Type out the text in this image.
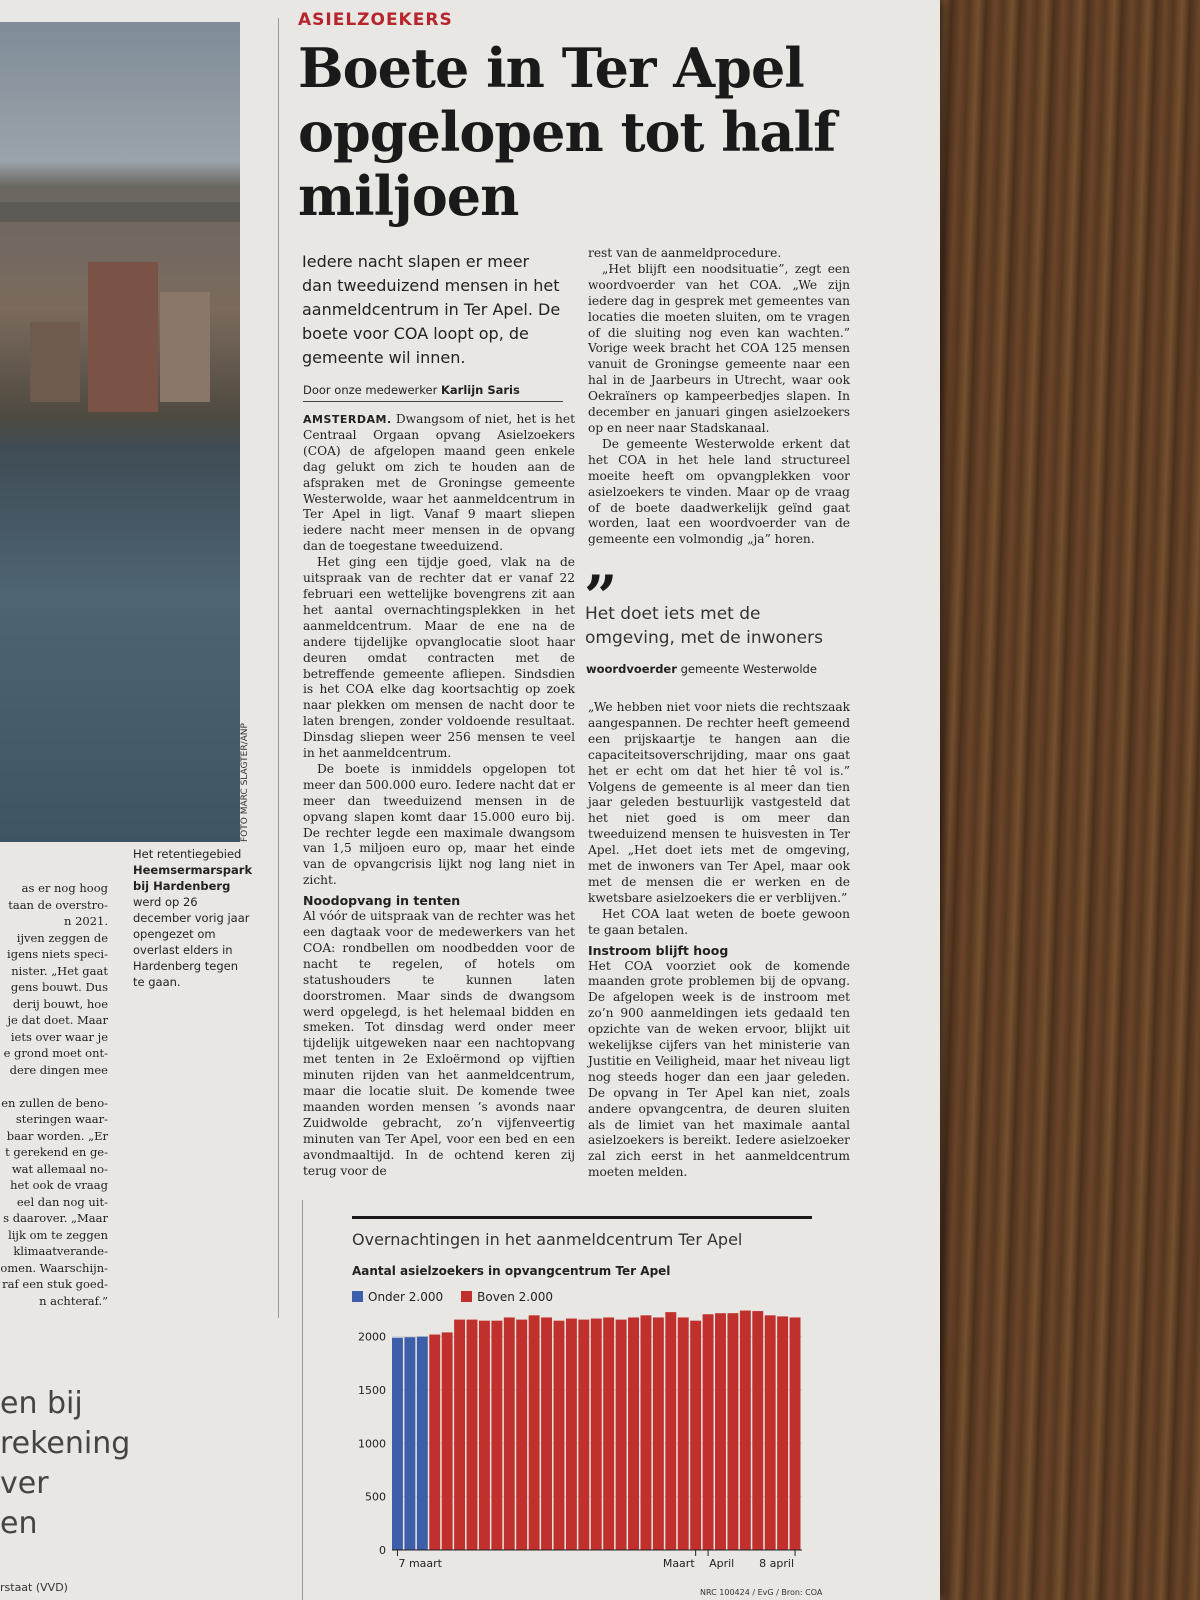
FOTO MARC SLAGTER/ANP
Het retentiegebied Heemsermarspark bij Hardenberg werd op 26 december vorig jaar opengezet om overlast elders in Hardenberg tegen te gaan.
as er nog hoog
taan de overstro-
n 2021.
ijven zeggen de
igens niets speci-
nister. „Het gaat
gens bouwt. Dus
derij bouwt, hoe
je dat doet. Maar
iets over waar je
e grond moet ont-
dere dingen mee

en zullen de beno-
steringen waar-
baar worden. „Er
t gerekend en ge-
wat allemaal no-
het ook de vraag
eel dan nog uit-
s daarover. „Maar
lijk om te zeggen
klimaatverande-
omen. Waarschijn-
raf een stuk goed-
n achteraf.”
en bij
rekening
ver
en
rstaat (VVD)
ASIELZOEKERS
Boete in Ter Apel opgelopen tot half miljoen
Iedere nacht slapen er meer dan tweeduizend mensen in het aanmeldcentrum in Ter Apel. De boete voor COA loopt op, de gemeente wil innen.
Door onze medewerker Karlijn Saris

AMSTERDAM. Dwangsom of niet, het is het Centraal Orgaan opvang Asielzoekers (COA) de afgelopen maand geen enkele dag gelukt om zich te houden aan de afspraken met de Groningse gemeente Westerwolde, waar het aanmeldcentrum in Ter Apel in ligt. Vanaf 9 maart sliepen iedere nacht meer mensen in de opvang dan de toegestane tweeduizend.

Het ging een tijdje goed, vlak na de uitspraak van de rechter dat er vanaf 22 februari een wettelijke bovengrens zit aan het aantal overnachtingsplekken in het aanmeldcentrum. Maar de ene na de andere tijdelijke opvanglocatie sloot haar deuren omdat contracten met de betreffende gemeente afliepen. Sindsdien is het COA elke dag koortsachtig op zoek naar plekken om mensen de nacht door te laten brengen, zonder voldoende resultaat. Dinsdag sliepen weer 256 mensen te veel in het aanmeldcentrum.

De boete is inmiddels opgelopen tot meer dan 500.000 euro. Iedere nacht dat er meer dan tweeduizend mensen in de opvang slapen komt daar 15.000 euro bij. De rechter legde een maximale dwangsom van 1,5 miljoen euro op, maar het einde van de opvangcrisis lijkt nog lang niet in zicht.

Noodopvang in tenten

Al vóór de uitspraak van de rechter was het een dagtaak voor de medewerkers van het COA: rondbellen om noodbedden voor de nacht te regelen, of hotels om statushouders te kunnen laten doorstromen. Maar sinds de dwangsom werd opgelegd, is het helemaal bidden en smeken. Tot dinsdag werd onder meer tijdelijk uitgeweken naar een nachtopvang met tenten in 2e Exloërmond op vijftien minuten rijden van het aanmeldcentrum, maar die locatie sluit. De komende twee maanden worden mensen ’s avonds naar Zuidwolde gebracht, zo’n vijfenveertig minuten van Ter Apel, voor een bed en een avondmaaltijd. In de ochtend keren zij terug voor de

rest van de aanmeldprocedure.

„Het blijft een noodsituatie”, zegt een woordvoerder van het COA. „We zijn iedere dag in gesprek met gemeentes van locaties die moeten sluiten, om te vragen of die sluiting nog even kan wachten.” Vorige week bracht het COA 125 mensen vanuit de Groningse gemeente naar een hal in de Jaarbeurs in Utrecht, waar ook Oekraïners op kampeerbedjes slapen. In december en januari gingen asielzoekers op en neer naar Stadskanaal.

De gemeente Westerwolde erkent dat het COA in het hele land structureel moeite heeft om opvangplekken voor asielzoekers te vinden. Maar op de vraag of de boete daadwerkelijk geïnd gaat worden, laat een woordvoerder van de gemeente een volmondig „ja” horen.

”
Het doet iets met de omgeving, met de inwoners
woordvoerder gemeente Westerwolde

„We hebben niet voor niets die rechtszaak aangespannen. De rechter heeft gemeend een prijskaartje te hangen aan die capaciteitsoverschrijding, maar ons gaat het er echt om dat het hier tê vol is.” Volgens de gemeente is al meer dan tien jaar geleden bestuurlijk vastgesteld dat het niet goed is om meer dan tweeduizend mensen te huisvesten in Ter Apel. „Het doet iets met de omgeving, met de inwoners van Ter Apel, maar ook met de mensen die er werken en de kwetsbare asielzoekers die er verblijven.”

Het COA laat weten de boete gewoon te gaan betalen.

Instroom blijft hoog

Het COA voorziet ook de komende maanden grote problemen bij de opvang. De afgelopen week is de instroom met zo’n 900 aanmeldingen iets gedaald ten opzichte van de weken ervoor, blijkt uit wekelijkse cijfers van het ministerie van Justitie en Veiligheid, maar het niveau ligt nog steeds hoger dan een jaar geleden. De opvang in Ter Apel kan niet, zoals andere opvangcentra, de deuren sluiten als de limiet van het maximale aantal asielzoekers is bereikt. Iedere asielzoeker zal zich eerst in het aanmeldcentrum moeten melden.

Overnachtingen in het aanmeldcentrum Ter Apel
Aantal asielzoekers in opvangcentrum Ter Apel
Onder 2.000	Boven 2.000
0
500
1000
1500
2000
7 maart	Maart April 8 april
NRC 100424 / EvG / Bron: COA
